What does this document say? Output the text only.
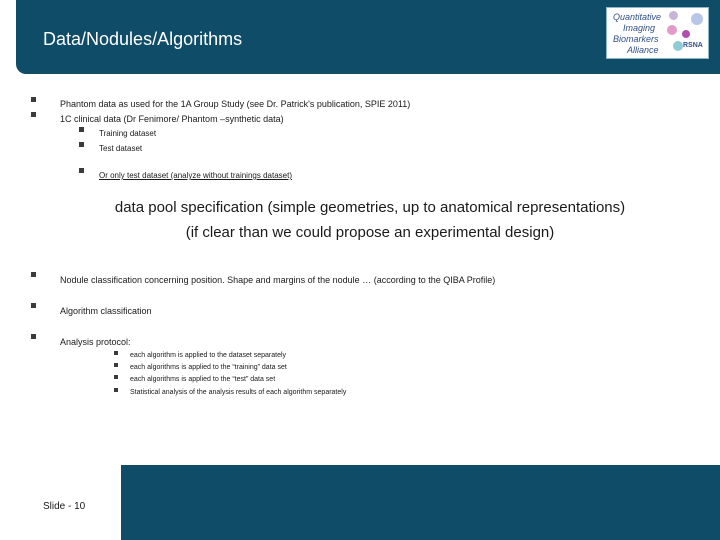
Data/Nodules/Algorithms
Quantitative
Imaging
Biomarkers
Alliance	RSNA
Phantom data as used for the 1A Group Study (see Dr. Patrick's publication, SPIE 2011)
1C clinical data (Dr Fenimore/ Phantom –synthetic data)
Training dataset
Test dataset
Or only test dataset (analyze without trainings dataset)
data pool specification (simple geometries, up to anatomical representations)
(if clear than we could propose an experimental design)
Nodule classification concerning position. Shape and margins of the nodule … (according to the QIBA Profile)
Algorithm classification
Analysis protocol:
each algorithm is applied to the dataset separately
each algorithms is applied to the “training” data set
each algorithms is applied to the “test” data set
Statistical analysis of the analysis results of each algorithm separately
Slide - 10
